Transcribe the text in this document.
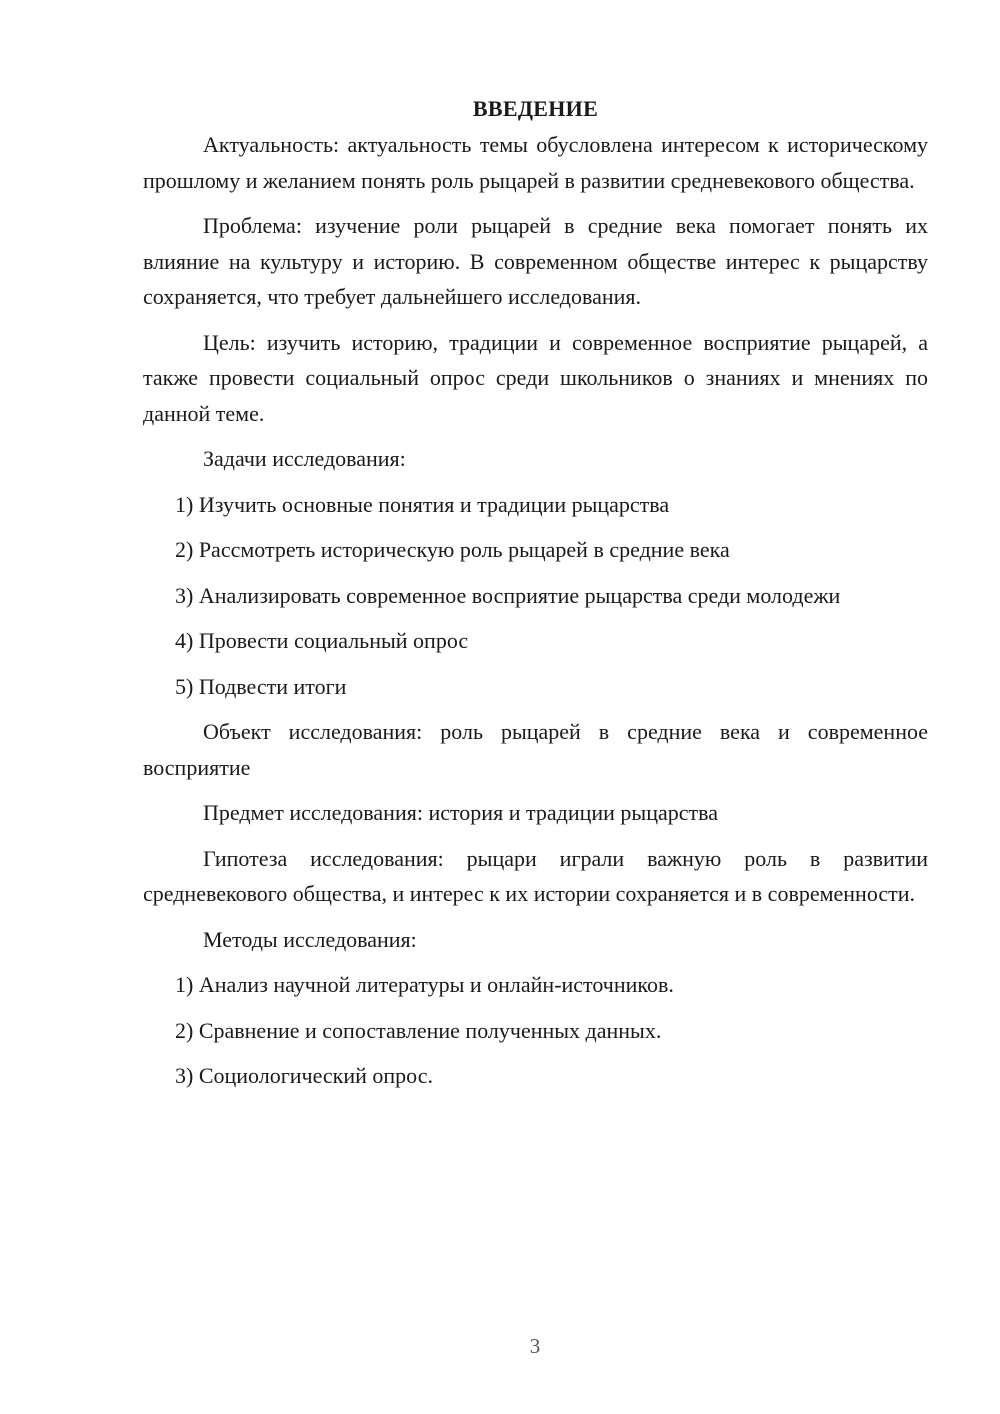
ВВЕДЕНИЕ

Актуальность: актуальность темы обусловлена интересом к историческому прошлому и желанием понять роль рыцарей в развитии средневекового общества.

Проблема: изучение роли рыцарей в средние века помогает понять их влияние на культуру и историю. В современном обществе интерес к рыцарству сохраняется, что требует дальнейшего исследования.

Цель: изучить историю, традиции и современное восприятие рыцарей, а также провести социальный опрос среди школьников о знаниях и мнениях по данной теме.

Задачи исследования:
1) Изучить основные понятия и традиции рыцарства
2) Рассмотреть историческую роль рыцарей в средние века
3) Анализировать современное восприятие рыцарства среди молодежи
4) Провести социальный опрос
5) Подвести итоги

Объект исследования: роль рыцарей в средние века и современное восприятие

Предмет исследования: история и традиции рыцарства

Гипотеза исследования: рыцари играли важную роль в развитии средневекового общества, и интерес к их истории сохраняется и в современности.

Методы исследования:
1) Анализ научной литературы и онлайн-источников.
2) Сравнение и сопоставление полученных данных.
3) Социологический опрос.
3
